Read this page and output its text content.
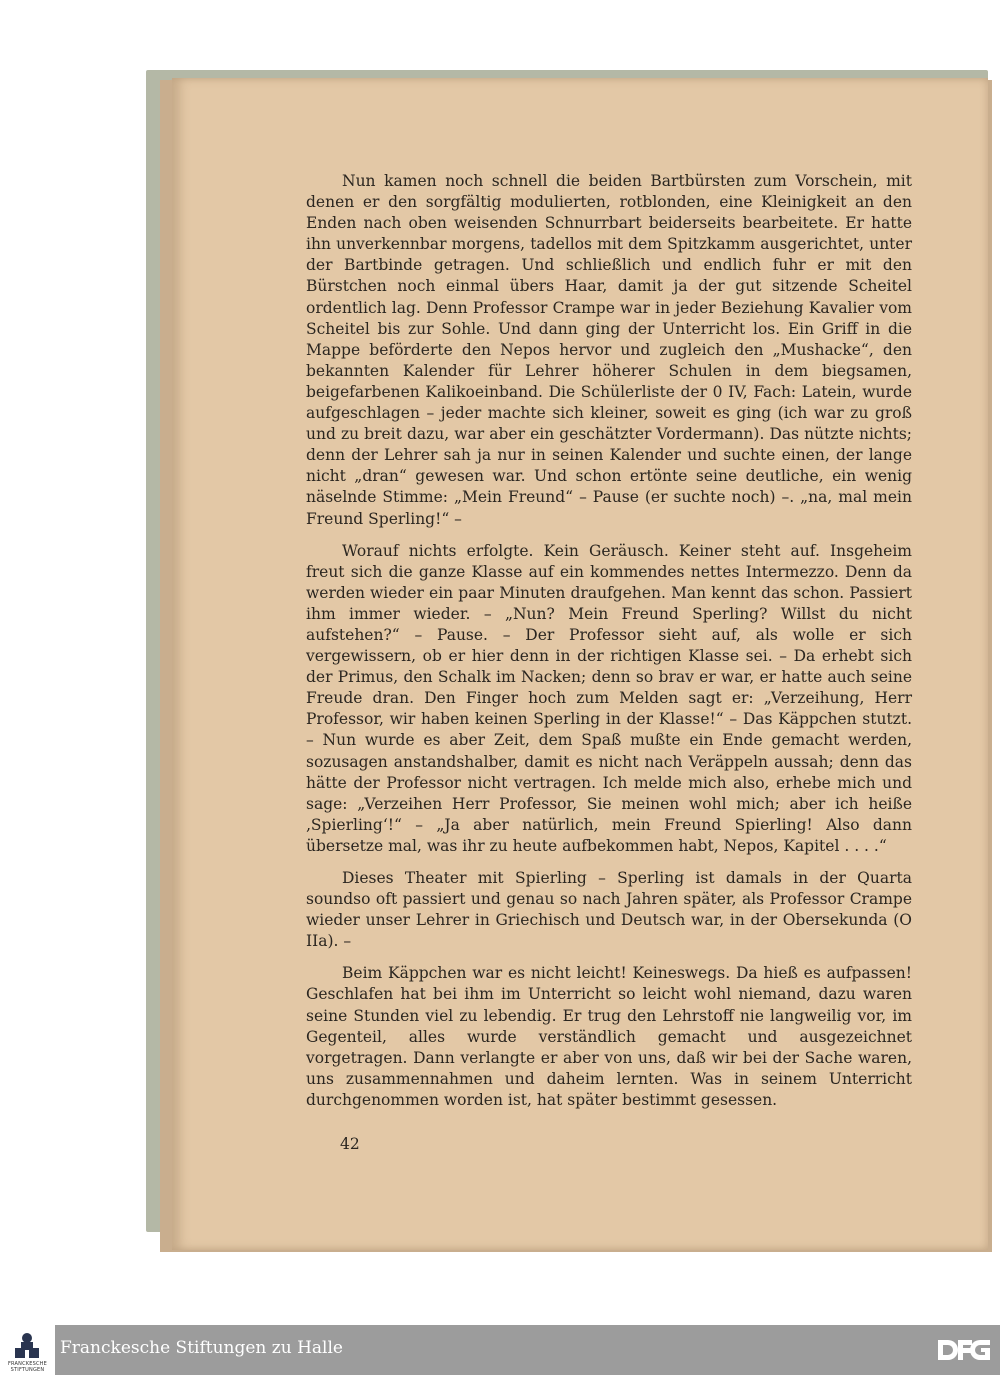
Nun kamen noch schnell die beiden Bartbürsten zum Vorschein, mit denen er den sorgfältig modulierten, rotblonden, eine Kleinigkeit an den Enden nach oben weisenden Schnurrbart beiderseits bearbeitete. Er hatte ihn unverkennbar morgens, tadellos mit dem Spitzkamm ausgerichtet, unter der Bartbinde getragen. Und schließlich und endlich fuhr er mit den Bürstchen noch einmal übers Haar, damit ja der gut sitzende Scheitel ordentlich lag. Denn Professor Crampe war in jeder Beziehung Kavalier vom Scheitel bis zur Sohle. Und dann ging der Unterricht los. Ein Griff in die Mappe beförderte den Nepos hervor und zugleich den „Mushacke“, den bekannten Kalender für Lehrer höherer Schulen in dem biegsamen, beigefarbenen Kalikoeinband. Die Schülerliste der 0 IV, Fach: Latein, wurde aufgeschlagen – jeder machte sich kleiner, soweit es ging (ich war zu groß und zu breit dazu, war aber ein geschätzter Vordermann). Das nützte nichts; denn der Lehrer sah ja nur in seinen Kalender und suchte einen, der lange nicht „dran“ gewesen war. Und schon ertönte seine deutliche, ein wenig näselnde Stimme: „Mein Freund“ – Pause (er suchte noch) –. „na, mal mein Freund Sperling!“ –

Worauf nichts erfolgte. Kein Geräusch. Keiner steht auf. Insgeheim freut sich die ganze Klasse auf ein kommendes nettes Intermezzo. Denn da werden wieder ein paar Minuten draufgehen. Man kennt das schon. Passiert ihm immer wieder. – „Nun? Mein Freund Sperling? Willst du nicht aufstehen?“ – Pause. – Der Professor sieht auf, als wolle er sich vergewissern, ob er hier denn in der richtigen Klasse sei. – Da erhebt sich der Primus, den Schalk im Nacken; denn so brav er war, er hatte auch seine Freude dran. Den Finger hoch zum Melden sagt er: „Verzeihung, Herr Professor, wir haben keinen Sperling in der Klasse!“ – Das Käppchen stutzt. – Nun wurde es aber Zeit, dem Spaß mußte ein Ende gemacht werden, sozusagen anstandshalber, damit es nicht nach Veräppeln aussah; denn das hätte der Professor nicht vertragen. Ich melde mich also, erhebe mich und sage: „Verzeihen Herr Professor, Sie meinen wohl mich; aber ich heiße ‚Spierling‘!“ – „Ja aber natürlich, mein Freund Spierling! Also dann übersetze mal, was ihr zu heute aufbekommen habt, Nepos, Kapitel . . . .“

Dieses Theater mit Spierling – Sperling ist damals in der Quarta soundso oft passiert und genau so nach Jahren später, als Professor Crampe wieder unser Lehrer in Griechisch und Deutsch war, in der Obersekunda (O IIa). –

Beim Käppchen war es nicht leicht! Keineswegs. Da hieß es aufpassen! Geschlafen hat bei ihm im Unterricht so leicht wohl niemand, dazu waren seine Stunden viel zu lebendig. Er trug den Lehrstoff nie langweilig vor, im Gegenteil, alles wurde verständlich gemacht und ausgezeichnet vorgetragen. Dann verlangte er aber von uns, daß wir bei der Sache waren, uns zusammennahmen und daheim lernten. Was in seinem Unterricht durchgenommen worden ist, hat später bestimmt gesessen.

42
FRANCKESCHE STIFTUNGEN
Franckesche Stiftungen zu Halle
